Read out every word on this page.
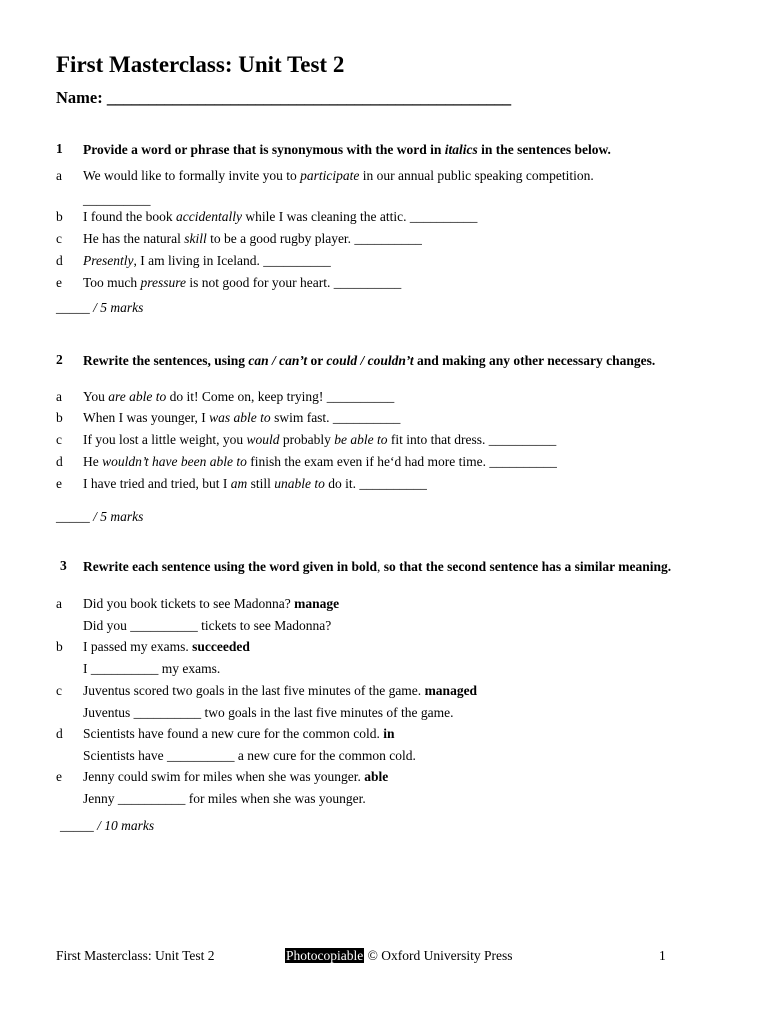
First Masterclass: Unit Test 2
Name: _________________________________________________
1 Provide a word or phrase that is synonymous with the word in italics in the sentences below.
a We would like to formally invite you to participate in our annual public speaking competition.
__________
b I found the book accidentally while I was cleaning the attic. __________
c He has the natural skill to be a good rugby player. __________
d Presently, I am living in Iceland. __________
e Too much pressure is not good for your heart. __________
_____ / 5 marks
2 Rewrite the sentences, using can / can’t or could / couldn’t and making any other necessary changes.
a You are able to do it! Come on, keep trying! __________
b When I was younger, I was able to swim fast. __________
c If you lost a little weight, you would probably be able to fit into that dress. __________
d He wouldn’t have been able to finish the exam even if he‘d had more time. __________
e I have tried and tried, but I am still unable to do it. __________
_____ / 5 marks
3 Rewrite each sentence using the word given in bold, so that the second sentence has a similar meaning.
a Did you book tickets to see Madonna? manage
Did you __________ tickets to see Madonna?
b I passed my exams. succeeded
I __________ my exams.
c Juventus scored two goals in the last five minutes of the game. managed
Juventus __________ two goals in the last five minutes of the game.
d Scientists have found a new cure for the common cold. in
Scientists have __________ a new cure for the common cold.
e Jenny could swim for miles when she was younger. able
Jenny __________ for miles when she was younger.
_____ / 10 marks
First Masterclass: Unit Test 2	Photocopiable © Oxford University Press	1
